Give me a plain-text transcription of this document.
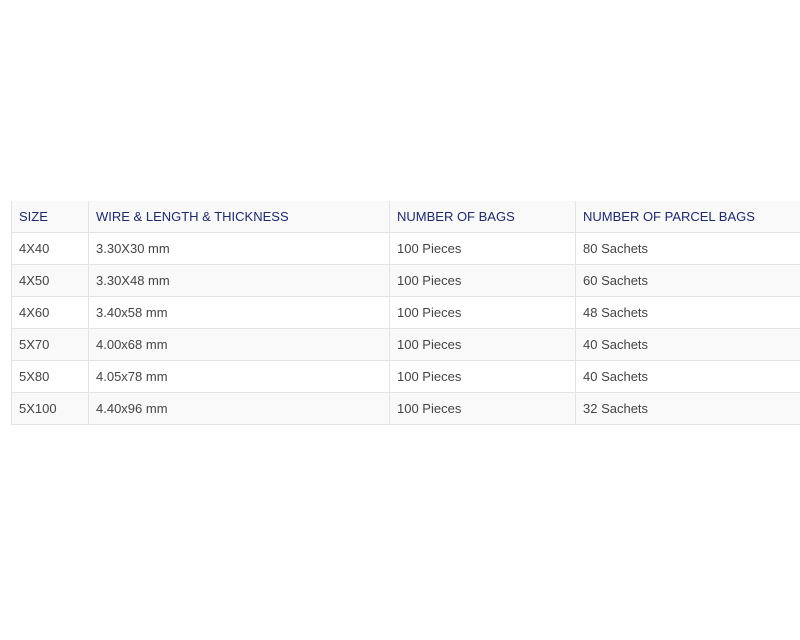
SIZE	WIRE & LENGTH & THICKNESS	NUMBER OF BAGS	NUMBER OF PARCEL BAGS
4X40	3.30X30 mm	100 Pieces	80 Sachets
4X50	3.30X48 mm	100 Pieces	60 Sachets
4X60	3.40x58 mm	100 Pieces	48 Sachets
5X70	4.00x68 mm	100 Pieces	40 Sachets
5X80	4.05x78 mm	100 Pieces	40 Sachets
5X100	4.40x96 mm	100 Pieces	32 Sachets
